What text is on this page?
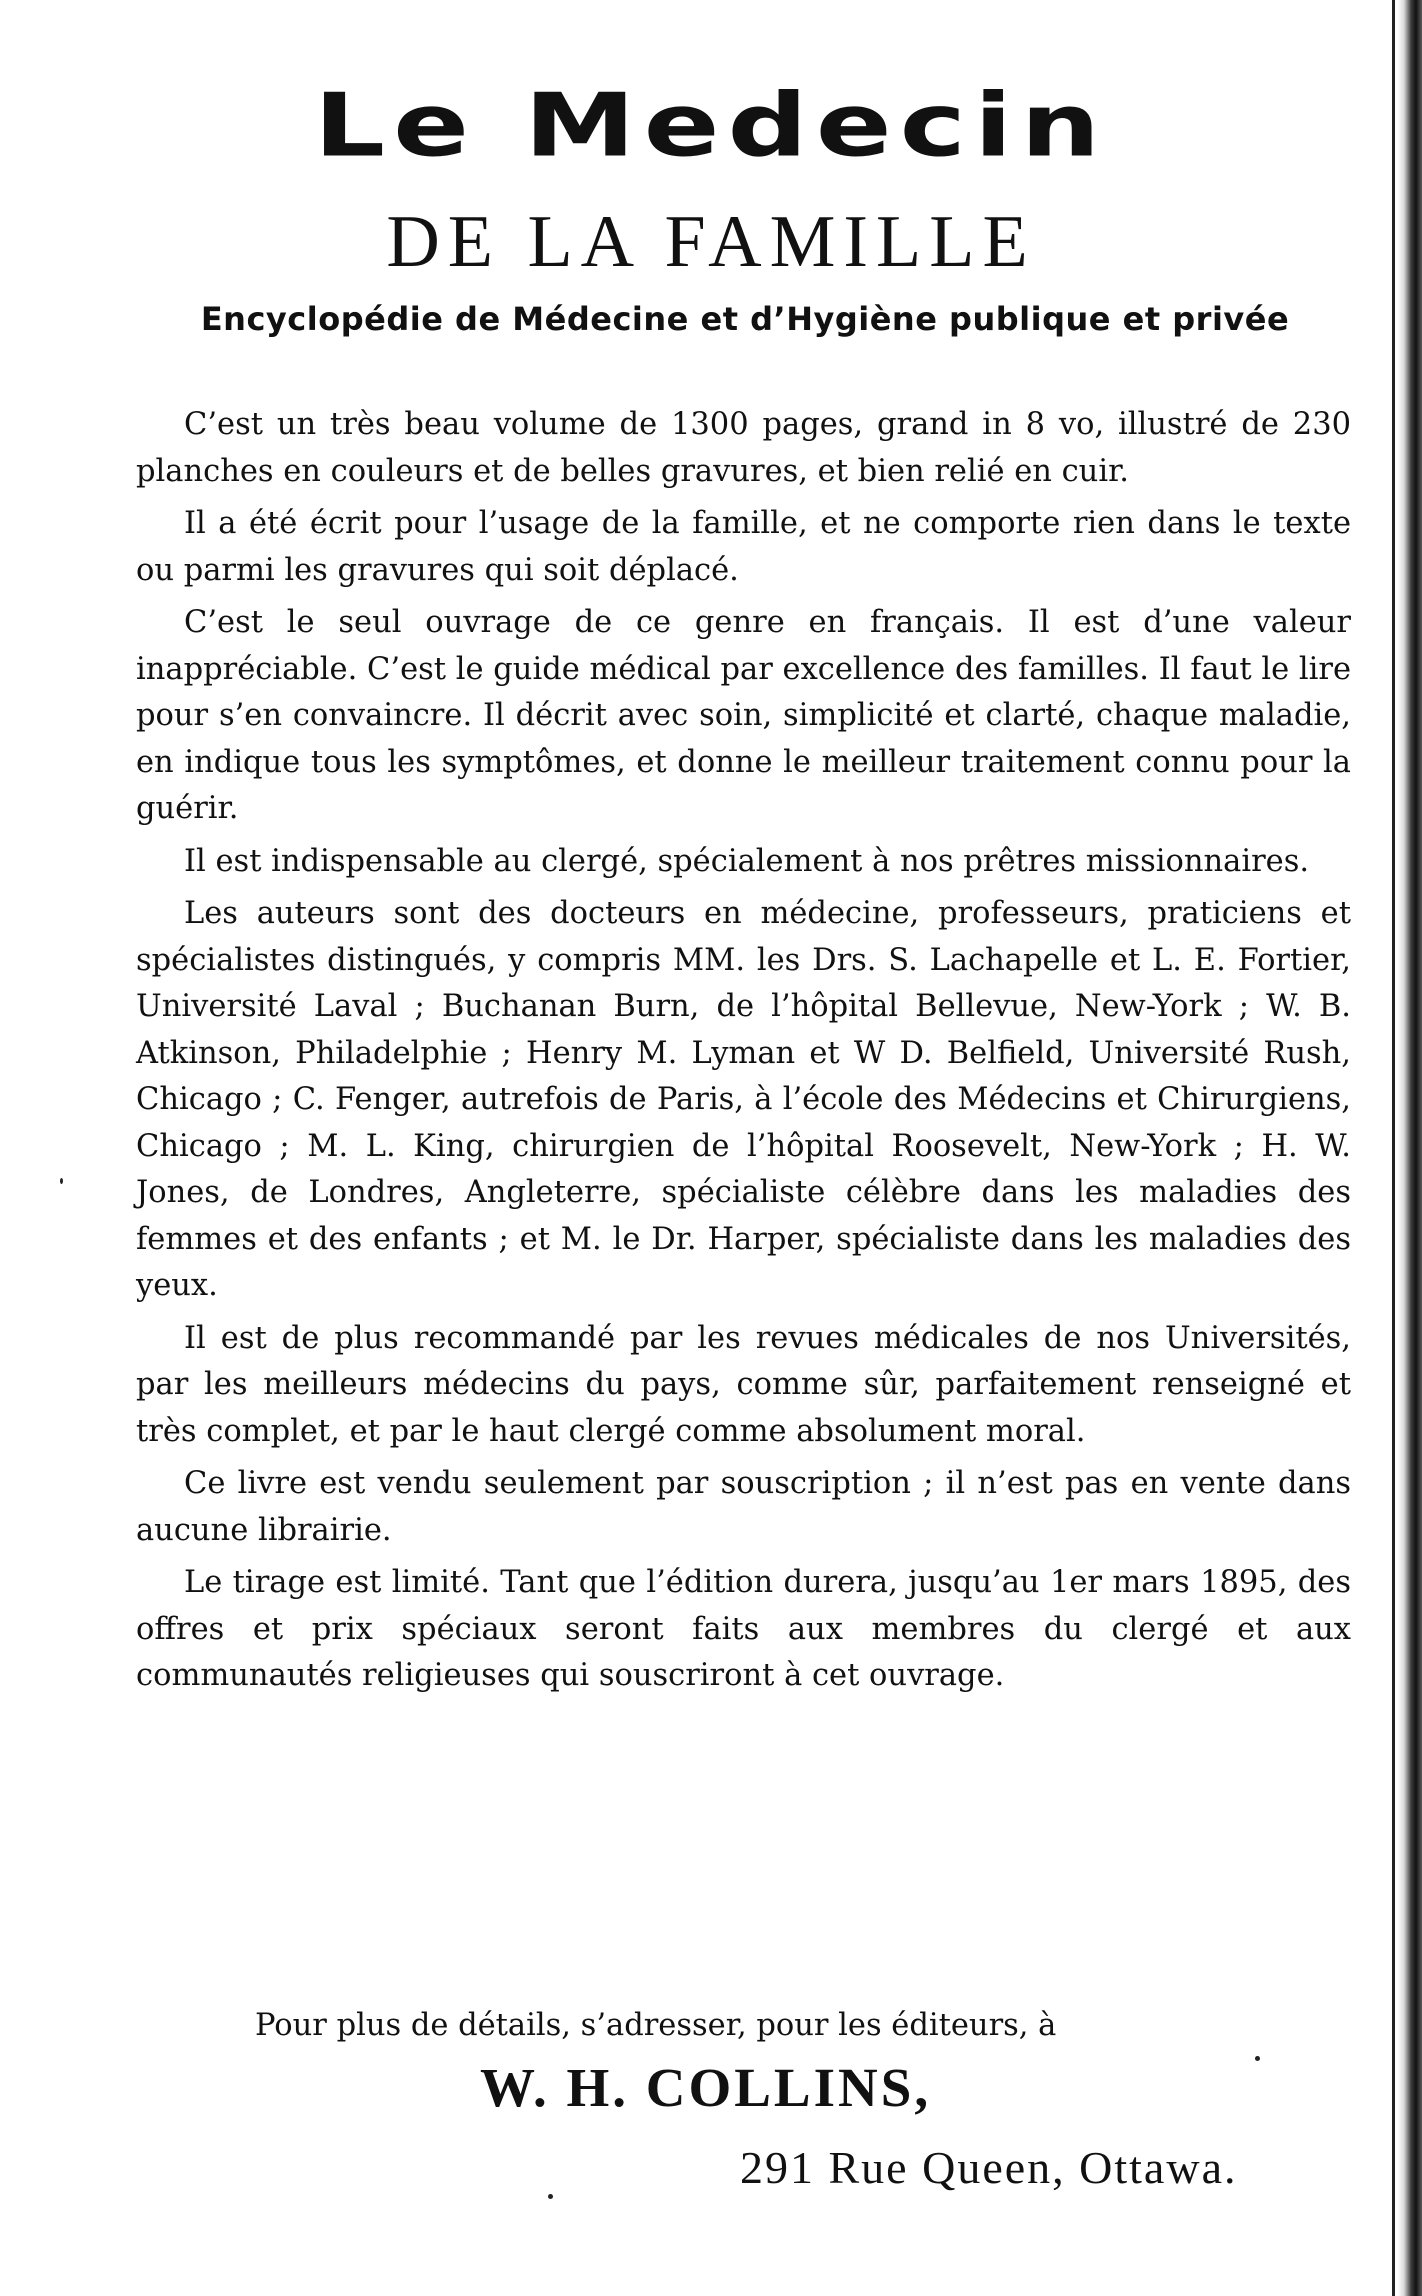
Le Medecin
DE LA FAMILLE
Encyclopédie de Médecine et d’Hygiène publique et privée

C’est un très beau volume de 1300 pages, grand in 8 vo, illustré de 230 planches en couleurs et de belles gravures, et bien relié en cuir.

Il a été écrit pour l’usage de la famille, et ne comporte rien dans le texte ou parmi les gravures qui soit déplacé.

C’est le seul ouvrage de ce genre en français. Il est d’une valeur inappréciable. C’est le guide médical par excellence des familles. Il faut le lire pour s’en convaincre. Il décrit avec soin, simplicité et clarté, chaque maladie, en indique tous les symptômes, et donne le meilleur traitement connu pour la guérir.

Il est indispensable au clergé, spécialement à nos prêtres missionnaires.

Les auteurs sont des docteurs en médecine, professeurs, praticiens et spécialistes distingués, y compris MM. les Drs. S. Lachapelle et L. E. Fortier, Université Laval ; Buchanan Burn, de l’hôpital Bellevue, New-York ; W. B. Atkinson, Philadelphie ; Henry M. Lyman et W D. Belfield, Université Rush, Chicago ; C. Fenger, autrefois de Paris, à l’école des Médecins et Chirurgiens, Chicago ; M. L. King, chirurgien de l’hôpital Roosevelt, New-York ; H. W. Jones, de Londres, Angleterre, spécialiste célèbre dans les maladies des femmes et des enfants ; et M. le Dr. Harper, spécialiste dans les maladies des yeux.

Il est de plus recommandé par les revues médicales de nos Universités, par les meilleurs médecins du pays, comme sûr, parfaitement renseigné et très complet, et par le haut clergé comme absolument moral.

Ce livre est vendu seulement par souscription ; il n’est pas en vente dans aucune librairie.

Le tirage est limité. Tant que l’édition durera, jusqu’au 1er mars 1895, des offres et prix spéciaux seront faits aux membres du clergé et aux communautés religieuses qui souscriront à cet ouvrage.

Pour plus de détails, s’adresser, pour les éditeurs, à
W. H. COLLINS,
291 Rue Queen, Ottawa.
